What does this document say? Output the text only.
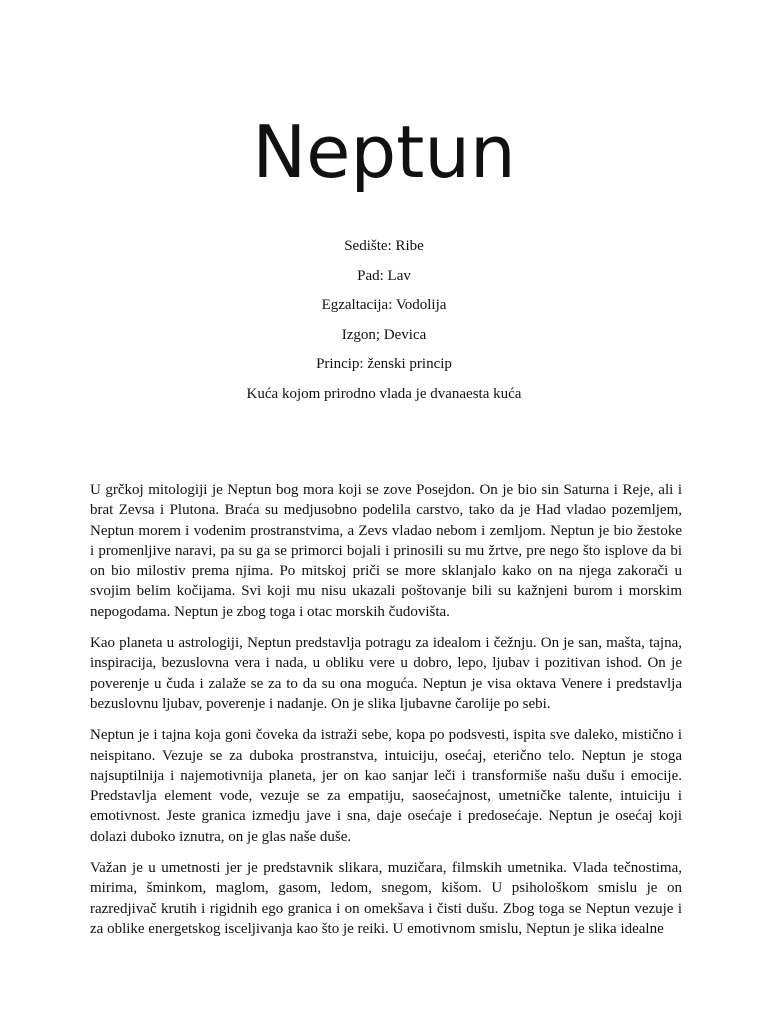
Neptun
Sedište: Ribe
Pad: Lav
Egzaltacija: Vodolija
Izgon; Devica
Princip: ženski princip
Kuća kojom prirodno vlada je dvanaesta kuća

U grčkoj mitologiji je Neptun bog mora koji se zove Posejdon. On je bio sin Saturna i Reje, ali i brat Zevsa i Plutona. Braća su medjusobno podelila carstvo, tako da je Had vladao pozemljem, Neptun morem i vodenim prostranstvima, a Zevs vladao nebom i zemljom. Neptun je bio žestoke i promenljive naravi, pa su ga se primorci bojali i prinosili su mu žrtve, pre nego što isplove da bi on bio milostiv prema njima. Po mitskoj priči se more sklanjalo kako on na njega zakorači u svojim belim kočijama. Svi koji mu nisu ukazali poštovanje bili su kažnjeni burom i morskim nepogodama. Neptun je zbog toga i otac morskih čudovišta.

Kao planeta u astrologiji, Neptun predstavlja potragu za idealom i čežnju. On je san, mašta, tajna, inspiracija, bezuslovna vera i nada, u obliku vere u dobro, lepo, ljubav i pozitivan ishod. On je poverenje u čuda i zalaže se za to da su ona moguća. Neptun je visa oktava Venere i predstavlja bezuslovnu ljubav, poverenje i nadanje. On je slika ljubavne čarolije po sebi.

Neptun je i tajna koja goni čoveka da istraži sebe, kopa po podsvesti, ispita sve daleko, mistično i neispitano. Vezuje se za duboka prostranstva, intuiciju, osećaj, eterično telo. Neptun je stoga najsuptilnija i najemotivnija planeta, jer on kao sanjar leči i transformiše našu dušu i emocije. Predstavlja element vode, vezuje se za empatiju, saosećajnost, umetničke talente, intuiciju i emotivnost. Jeste granica izmedju jave i sna, daje osećaje i predosećaje. Neptun je osećaj koji dolazi duboko iznutra, on je glas naše duše.

Važan je u umetnosti jer je predstavnik slikara, muzičara, filmskih umetnika. Vlada tečnostima, mirima, šminkom, maglom, gasom, ledom, snegom, kišom. U psihološkom smislu je on razredjivač krutih i rigidnih ego granica i on omekšava i čisti dušu. Zbog toga se Neptun vezuje i za oblike energetskog isceljivanja kao što je reiki. U emotivnom smislu, Neptun je slika idealne
